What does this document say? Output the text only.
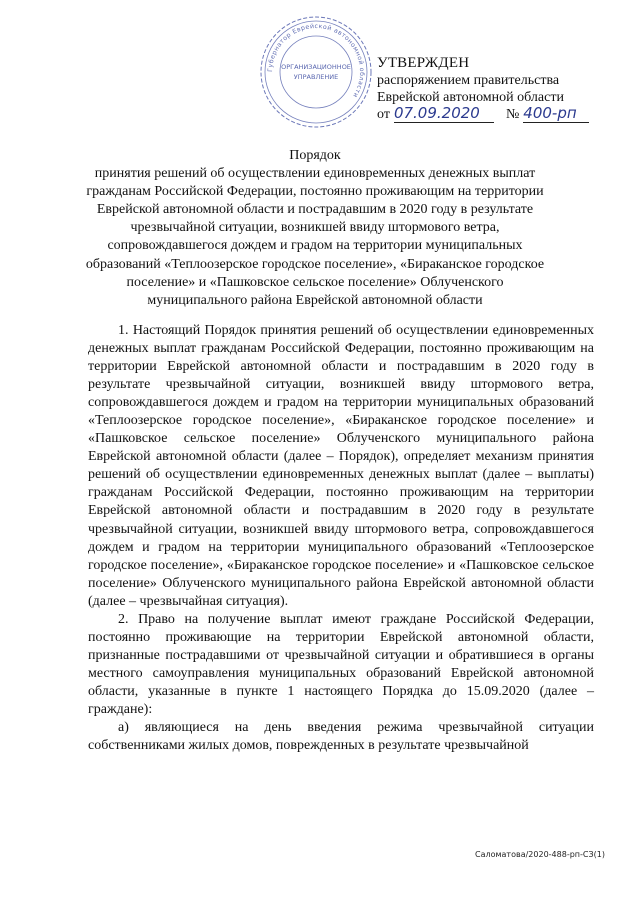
Губернатор Еврейской автономной области
ОРГАНИЗАЦИОННОЕ
УПРАВЛЕНИЕ
УТВЕРЖДЕН
распоряжением правительства
Еврейской автономной области
от 07.09.2020 № 400-рп
Порядок
принятия решений об осуществлении единовременных денежных выплат
гражданам Российской Федерации, постоянно проживающим на территории
Еврейской автономной области и пострадавшим в 2020 году в результате
чрезвычайной ситуации, возникшей ввиду штормового ветра,
сопровождавшегося дождем и градом на территории муниципальных
образований «Теплоозерское городское поселение», «Бираканское городское
поселение» и «Пашковское сельское поселение» Облученского
муниципального района Еврейской автономной области

1. Настоящий Порядок принятия решений об осуществлении единовременных денежных выплат гражданам Российской Федерации, постоянно проживающим на территории Еврейской автономной области и пострадавшим в 2020 году в результате чрезвычайной ситуации, возникшей ввиду штормового ветра, сопровождавшегося дождем и градом на территории муниципальных образований «Теплоозерское городское поселение», «Бираканское городское поселение» и «Пашковское сельское поселение» Облученского муниципального района Еврейской автономной области (далее – Порядок), определяет механизм принятия решений об осуществлении единовременных денежных выплат (далее – выплаты) гражданам Российской Федерации, постоянно проживающим на территории Еврейской автономной области и пострадавшим в 2020 году в результате чрезвычайной ситуации, возникшей ввиду штормового ветра, сопровождавшегося дождем и градом на территории муниципального образований «Теплоозерское городское поселение», «Бираканское городское поселение» и «Пашковское сельское поселение» Облученского муниципального района Еврейской автономной области (далее – чрезвычайная ситуация).

2. Право на получение выплат имеют граждане Российской Федерации, постоянно проживающие на территории Еврейской автономной области, признанные пострадавшими от чрезвычайной ситуации и обратившиеся в органы местного самоуправления муниципальных образований Еврейской автономной области, указанные в пункте 1 настоящего Порядка до 15.09.2020 (далее – граждане):

а) являющиеся на день введения режима чрезвычайной ситуации собственниками жилых домов, поврежденных в результате чрезвычайной

Саломатова/2020-488-рп-СЗ(1)
